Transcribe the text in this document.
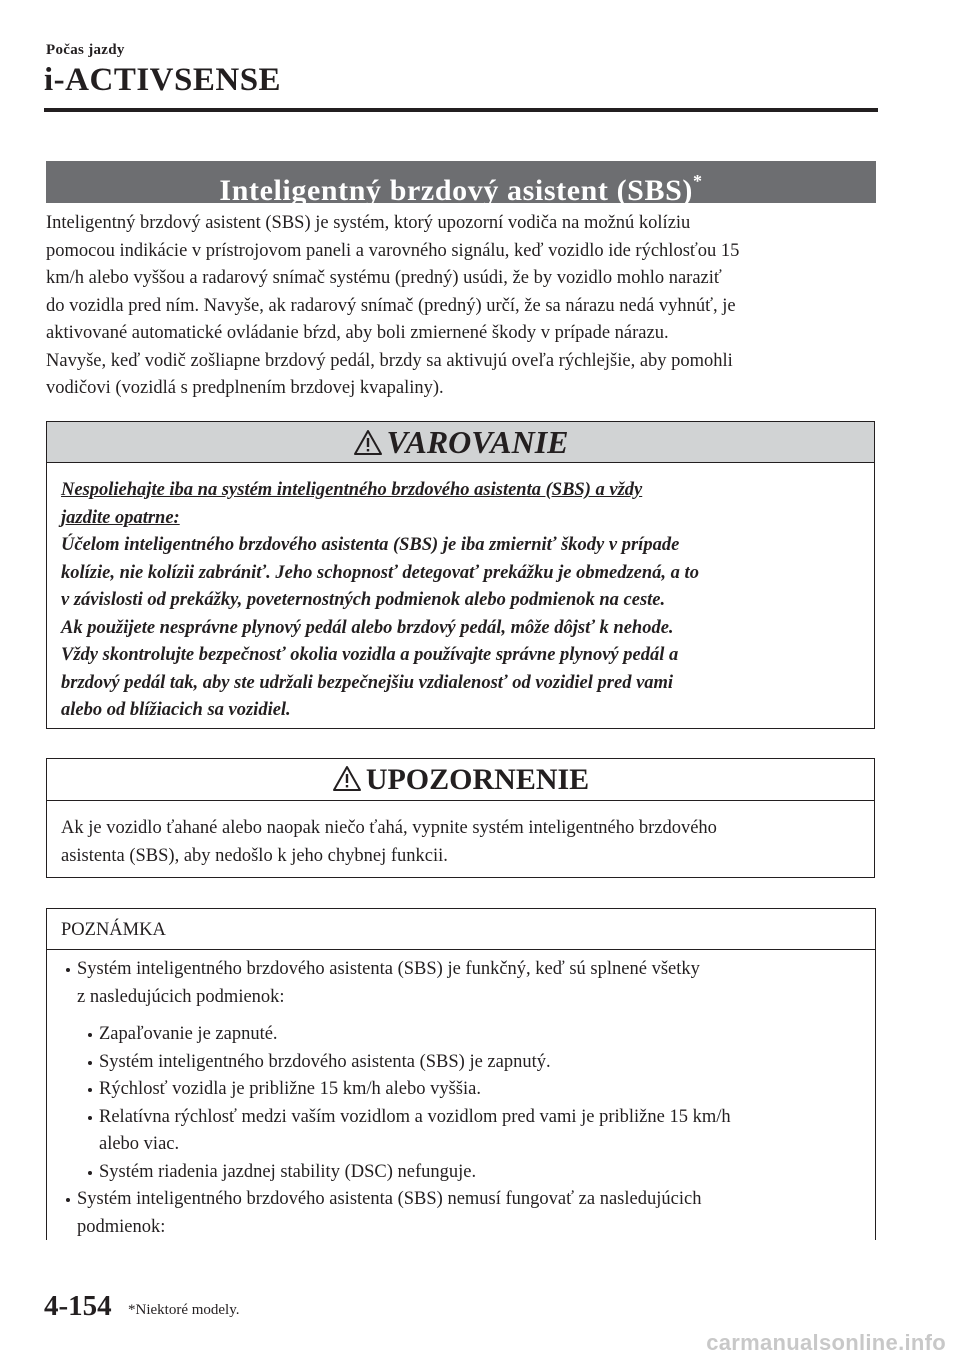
Počas jazdy
i-ACTIVSENSE
Inteligentný brzdový asistent (SBS)*
Inteligentný brzdový asistent (SBS) je systém, ktorý upozorní vodiča na možnú kolíziu
pomocou indikácie v prístrojovom paneli a varovného signálu, keď vozidlo ide rýchlosťou 15
km/h alebo vyššou a radarový snímač systému (predný) usúdi, že by vozidlo mohlo naraziť
do vozidla pred ním. Navyše, ak radarový snímač (predný) určí, že sa nárazu nedá vyhnúť, je
aktivované automatické ovládanie bŕzd, aby boli zmiernené škody v prípade nárazu.
Navyše, keď vodič zošliapne brzdový pedál, brzdy sa aktivujú oveľa rýchlejšie, aby pomohli
vodičovi (vozidlá s predplnením brzdovej kvapaliny).
VAROVANIE
Nespoliehajte iba na systém inteligentného brzdového asistenta (SBS) a vždy
jazdite opatrne:
Účelom inteligentného brzdového asistenta (SBS) je iba zmierniť škody v prípade
kolízie, nie kolízii zabrániť. Jeho schopnosť detegovať prekážku je obmedzená, a to
v závislosti od prekážky, poveternostných podmienok alebo podmienok na ceste.
Ak použijete nesprávne plynový pedál alebo brzdový pedál, môže dôjsť k nehode.
Vždy skontrolujte bezpečnosť okolia vozidla a používajte správne plynový pedál a
brzdový pedál tak, aby ste udržali bezpečnejšiu vzdialenosť od vozidiel pred vami
alebo od blížiacich sa vozidiel.
UPOZORNENIE
Ak je vozidlo ťahané alebo naopak niečo ťahá, vypnite systém inteligentného brzdového
asistenta (SBS), aby nedošlo k jeho chybnej funkcii.
POZNÁMKA
Systém inteligentného brzdového asistenta (SBS) je funkčný, keď sú splnené všetky
z nasledujúcich podmienok:
Zapaľovanie je zapnuté.
Systém inteligentného brzdového asistenta (SBS) je zapnutý.
Rýchlosť vozidla je približne 15 km/h alebo vyššia.
Relatívna rýchlosť medzi vaším vozidlom a vozidlom pred vami je približne 15 km/h
alebo viac.
Systém riadenia jazdnej stability (DSC) nefunguje.
Systém inteligentného brzdového asistenta (SBS) nemusí fungovať za nasledujúcich
podmienok:
4-154 *Niektoré modely.
carmanualsonline.info
